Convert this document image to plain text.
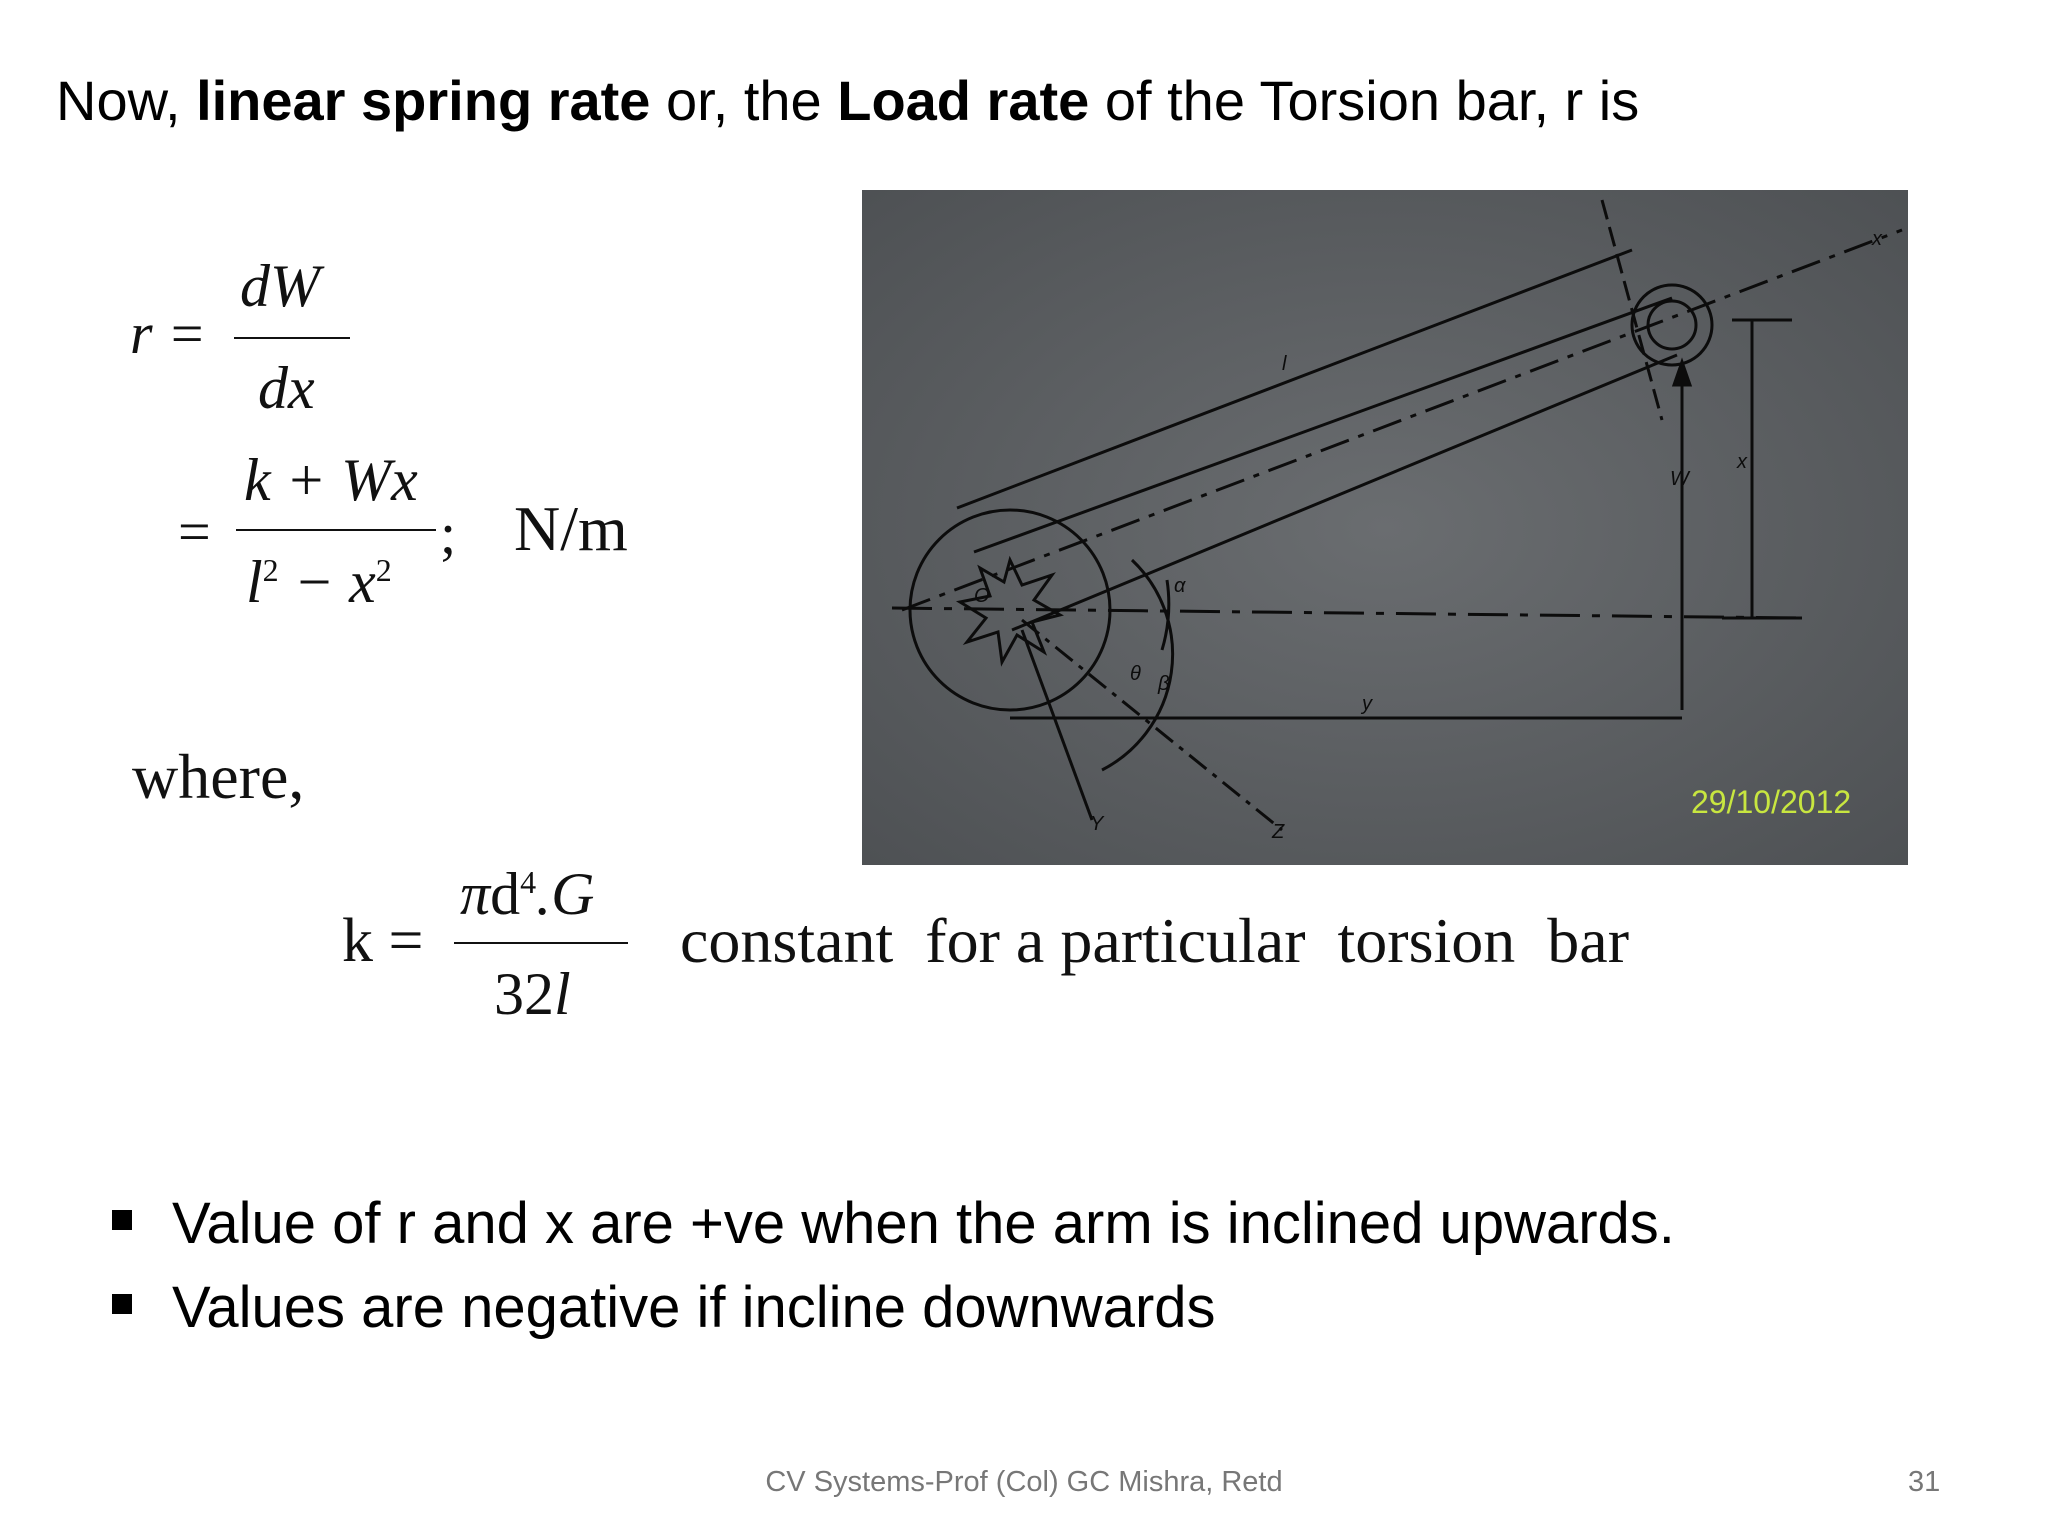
Now, linear spring rate or, the Load rate of the Torsion bar, r is
r =
dW
dx
=
k + Wx
$l^2 - x^2$
; N/m
where,
k =
$\pi d^4.G$
32l
constant  for a particular  torsion  bar
x
l
W
x
y
Y	Z
θ β
α
O
29/10/2012
Value of r and x are +ve when the arm is inclined upwards.
Values are negative if incline downwards
CV Systems-Prof (Col) GC Mishra, Retd	31
